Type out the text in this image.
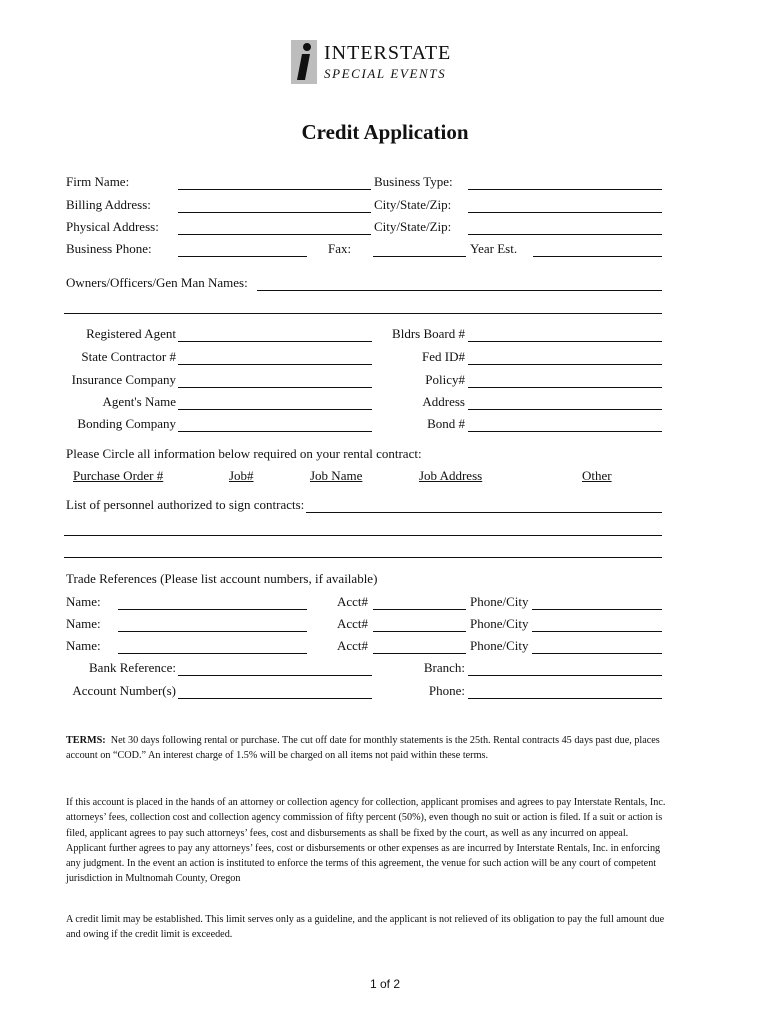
INTERSTATE
SPECIAL EVENTS
Credit Application
Firm Name:	Business Type:
Billing Address:	City/State/Zip:
Physical Address:	City/State/Zip:
Business Phone:	Fax:	Year Est.
Owners/Officers/Gen Man Names:
Registered Agent	Bldrs Board #
State Contractor #	Fed ID#
Insurance Company	Policy#
Agent's Name	Address
Bonding Company	Bond #
Please Circle all information below required on your rental contract:
Purchase Order #	Job#	Job Name	Job Address	Other
List of personnel authorized to sign contracts:
Trade References (Please list account numbers, if available)
Name:	Acct#	Phone/City
Name:	Acct#	Phone/City
Name:	Acct#	Phone/City
Bank Reference:	Branch:
Account Number(s)	Phone:
TERMS: Net 30 days following rental or purchase. The cut off date for monthly statements is the 25th. Rental contracts 45 days past due, places account on “COD.” An interest charge of 1.5% will be charged on all items not paid within these terms.
If this account is placed in the hands of an attorney or collection agency for collection, applicant promises and agrees to pay Interstate Rentals, Inc. attorneys’ fees, collection cost and collection agency commission of fifty percent (50%), even though no suit or action is filed. If a suit or action is filed, applicant agrees to pay such attorneys’ fees, cost and disbursements as shall be fixed by the court, as well as any incurred on appeal. Applicant further agrees to pay any attorneys’ fees, cost or disbursements or other expenses as are incurred by Interstate Rentals, Inc. in enforcing any judgment. In the event an action is instituted to enforce the terms of this agreement, the venue for such action will be any court of competent jurisdiction in Multnomah County, Oregon
A credit limit may be established. This limit serves only as a guideline, and the applicant is not relieved of its obligation to pay the full amount due and owing if the credit limit is exceeded.
1 of 2
